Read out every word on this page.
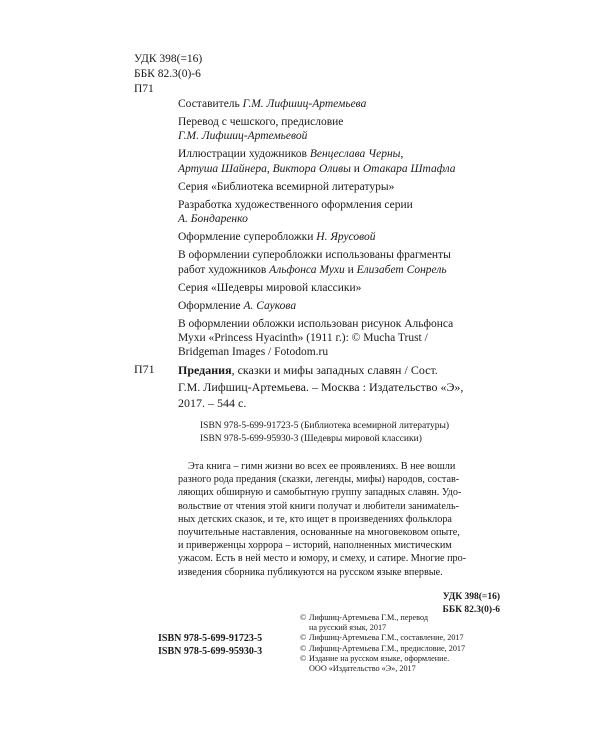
УДК 398(=16)
ББК 82.3(0)-6
П71

Составитель Г.М. Лифшиц-Артемьева

Перевод с чешского, предисловие
Г.М. Лифшиц-Артемьевой

Иллюстрации художников Венцеслава Черны,
Артуша Шайнера, Виктора Оливы и Отакара Штафла

Серия «Библиотека всемирной литературы»

Разработка художественного оформления серии
А. Бондаренко

Оформление суперобложки Н. Ярусовой

В оформлении суперобложки использованы фрагменты
работ художников Альфонса Мухи и Елизабет Сонрель

Серия «Шедевры мировой классики»

Оформление А. Саукова

В оформлении обложки использован рисунок Альфонса
Мухи «Princess Hyacinth» (1911 г.): © Mucha Trust /
Bridgeman Images / Fotodom.ru

П71 Предания, сказки и мифы западных славян / Сост.
Г.М. Лифшиц-Артемьева. – Москва : Издательство «Э»,
2017. – 544 с.
ISBN 978-5-699-91723-5 (Библиотека всемирной литературы)
ISBN 978-5-699-95930-3 (Шедевры мировой классики)
Эта книга – гимн жизни во всех ее проявлениях. В нее вошли
разного рода предания (сказки, легенды, мифы) народов, состав-
ляющих обширную и самобытную группу западных славян. Удо-
вольствие от чтения этой книги получат и любители занимatель-
ных детских сказок, и те, кто ищет в произведениях фольклора
поучительные наставления, основанные на многовековом опыте,
и приверженцы хоррора – историй, наполненных мистическим
ужасом. Есть в ней место и юмору, и смеху, и сатире. Многие про-
изведения сборника публикуются на русском языке впервые.
УДК 398(=16)
ББК 82.3(0)-6
ISBN 978-5-699-91723-5
ISBN 978-5-699-95930-3
© Лифшиц-Артемьева Г.М., перевод
на русский язык, 2017
© Лифшиц-Артемьева Г.М., составление, 2017
© Лифшиц-Артемьева Г.М., предисловие, 2017
© Издание на русском языке, оформление.
ООО «Издательство «Э», 2017
